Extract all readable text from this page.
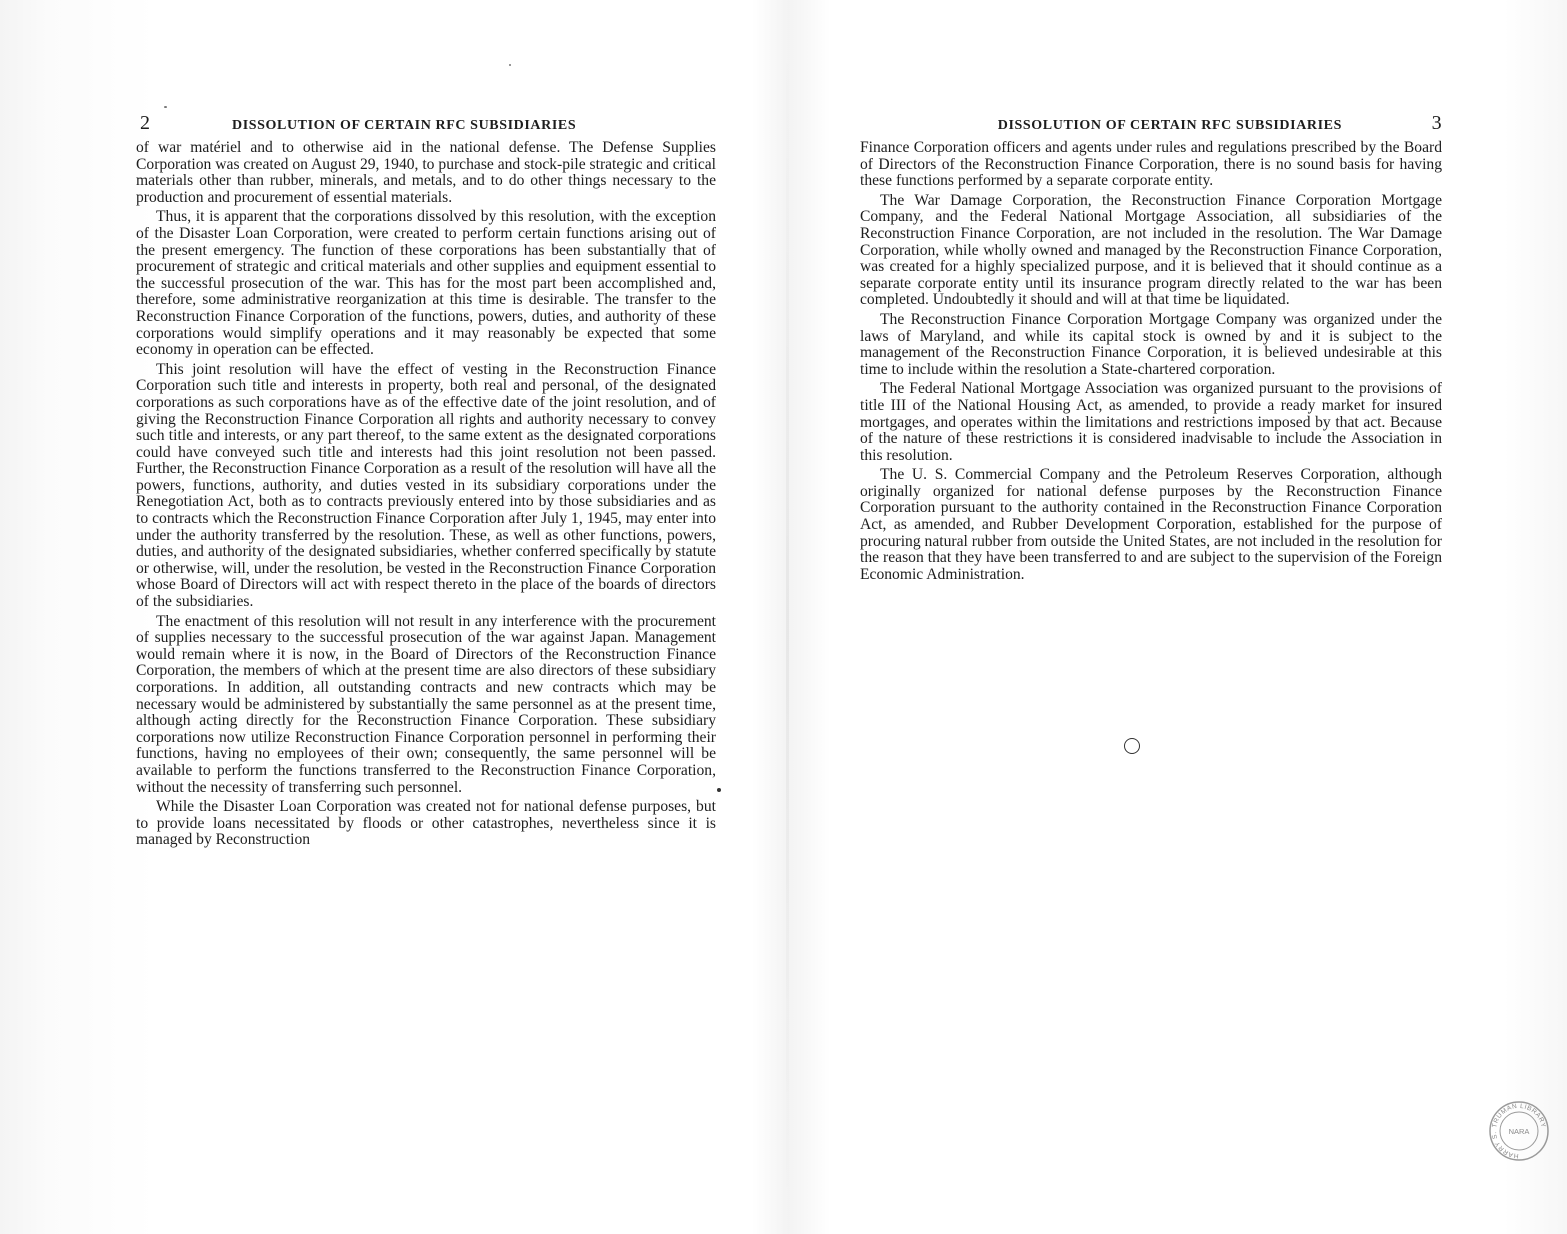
2	DISSOLUTION OF CERTAIN RFC SUBSIDIARIES

of war matériel and to otherwise aid in the national defense. The Defense Supplies Corporation was created on August 29, 1940, to purchase and stock-pile strategic and critical materials other than rubber, minerals, and metals, and to do other things necessary to the production and procurement of essential materials.

Thus, it is apparent that the corporations dissolved by this resolution, with the exception of the Disaster Loan Corporation, were created to perform certain functions arising out of the present emergency. The function of these corporations has been substantially that of procurement of strategic and critical materials and other supplies and equipment essential to the successful prosecution of the war. This has for the most part been accomplished and, therefore, some administrative reorganization at this time is desirable. The transfer to the Reconstruction Finance Corporation of the functions, powers, duties, and authority of these corporations would simplify operations and it may reasonably be expected that some economy in operation can be effected.

This joint resolution will have the effect of vesting in the Reconstruction Finance Corporation such title and interests in property, both real and personal, of the designated corporations as such corporations have as of the effective date of the joint resolution, and of giving the Reconstruction Finance Corporation all rights and authority necessary to convey such title and interests, or any part thereof, to the same extent as the designated corporations could have conveyed such title and interests had this joint resolution not been passed. Further, the Reconstruction Finance Corporation as a result of the resolution will have all the powers, functions, authority, and duties vested in its subsidiary corporations under the Renegotiation Act, both as to contracts previously entered into by those subsidiaries and as to contracts which the Reconstruction Finance Corporation after July 1, 1945, may enter into under the authority transferred by the resolution. These, as well as other functions, powers, duties, and authority of the designated subsidiaries, whether conferred specifically by statute or otherwise, will, under the resolution, be vested in the Reconstruction Finance Corporation whose Board of Directors will act with respect thereto in the place of the boards of directors of the subsidiaries.

The enactment of this resolution will not result in any interference with the procurement of supplies necessary to the successful prosecution of the war against Japan. Management would remain where it is now, in the Board of Directors of the Reconstruction Finance Corporation, the members of which at the present time are also directors of these subsidiary corporations. In addition, all outstanding contracts and new contracts which may be necessary would be administered by substantially the same personnel as at the present time, although acting directly for the Reconstruction Finance Corporation. These subsidiary corporations now utilize Reconstruction Finance Corporation personnel in performing their functions, having no employees of their own; consequently, the same personnel will be available to perform the functions transferred to the Reconstruction Finance Corporation, without the necessity of transferring such personnel.

While the Disaster Loan Corporation was created not for national defense purposes, but to provide loans necessitated by floods or other catastrophes, nevertheless since it is managed by Reconstruction

DISSOLUTION OF CERTAIN RFC SUBSIDIARIES	3

Finance Corporation officers and agents under rules and regulations prescribed by the Board of Directors of the Reconstruction Finance Corporation, there is no sound basis for having these functions performed by a separate corporate entity.

The War Damage Corporation, the Reconstruction Finance Corporation Mortgage Company, and the Federal National Mortgage Association, all subsidiaries of the Reconstruction Finance Corporation, are not included in the resolution. The War Damage Corporation, while wholly owned and managed by the Reconstruction Finance Corporation, was created for a highly specialized purpose, and it is believed that it should continue as a separate corporate entity until its insurance program directly related to the war has been completed. Undoubtedly it should and will at that time be liquidated.

The Reconstruction Finance Corporation Mortgage Company was organized under the laws of Maryland, and while its capital stock is owned by and it is subject to the management of the Reconstruction Finance Corporation, it is believed undesirable at this time to include within the resolution a State-chartered corporation.

The Federal National Mortgage Association was organized pursuant to the provisions of title III of the National Housing Act, as amended, to provide a ready market for insured mortgages, and operates within the limitations and restrictions imposed by that act. Because of the nature of these restrictions it is considered inadvisable to include the Association in this resolution.

The U. S. Commercial Company and the Petroleum Reserves Corporation, although originally organized for national defense purposes by the Reconstruction Finance Corporation pursuant to the authority contained in the Reconstruction Finance Corporation Act, as amended, and Rubber Development Corporation, established for the purpose of procuring natural rubber from outside the United States, are not included in the resolution for the reason that they have been transferred to and are subject to the supervision of the Foreign Economic Administration.

TRUMAN LIBRARY
HARRY S.	NARA
